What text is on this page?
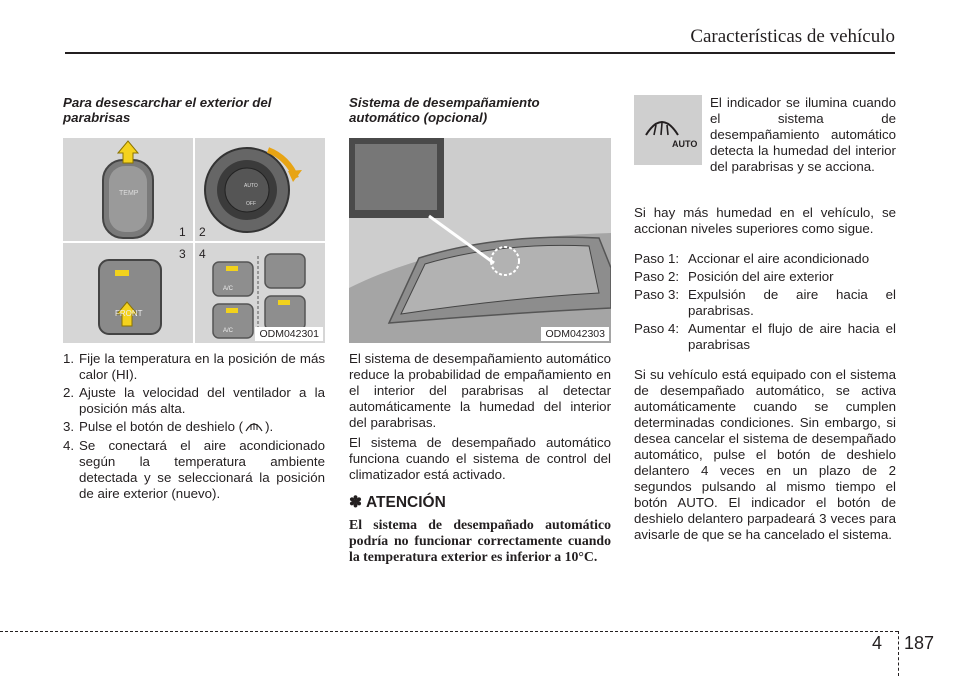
Características de vehículo
Para desescarchar el exterior del parabrisas
TEMP
AUTO
OFF
FRONT
A/C
A/C
1 2
3 4
ODM042301
1. Fije la temperatura en la posición de más calor (HI).
2. Ajuste la velocidad del ventilador a la posición más alta.
3. Pulse el botón de deshielo ( ).
4. Se conectará el aire acondicionado según la temperatura ambiente detectada y se seleccionará la posición de aire exterior (nuevo).
Sistema de desempañamiento automático (opcional)
ODM042303

El sistema de desempañamiento automático reduce la probabilidad de empañamiento en el interior del parabrisas al detectar automáticamente la humedad del interior del parabrisas.

El sistema de desempañado automático funciona cuando el sistema de control del climatizador está activado.

✽ ATENCIÓN
El sistema de desempañado automático podría no funcionar correctamente cuando la temperatura exterior es inferior a 10°C.
AUTO

El indicador se ilumina cuando el sistema de desempañamiento automático detecta la humedad del interior del parabrisas y se acciona.

Si hay más humedad en el vehículo, se accionan niveles superiores como sigue.

Paso 1: Accionar el aire acondicionado
Paso 2: Posición del aire exterior
Paso 3: Expulsión de aire hacia el parabrisas.
Paso 4: Aumentar el flujo de aire hacia el parabrisas

Si su vehículo está equipado con el sistema de desempañado automático, se activa automáticamente cuando se cumplen determinadas condiciones. Sin embargo, si desea cancelar el sistema de desempañado automático, pulse el botón de deshielo delantero 4 veces en un plazo de 2 segundos pulsando al mismo tiempo el botón AUTO. El indicador el botón de deshielo delantero parpadeará 3 veces para avisarle de que se ha cancelado el sistema.

4 187
